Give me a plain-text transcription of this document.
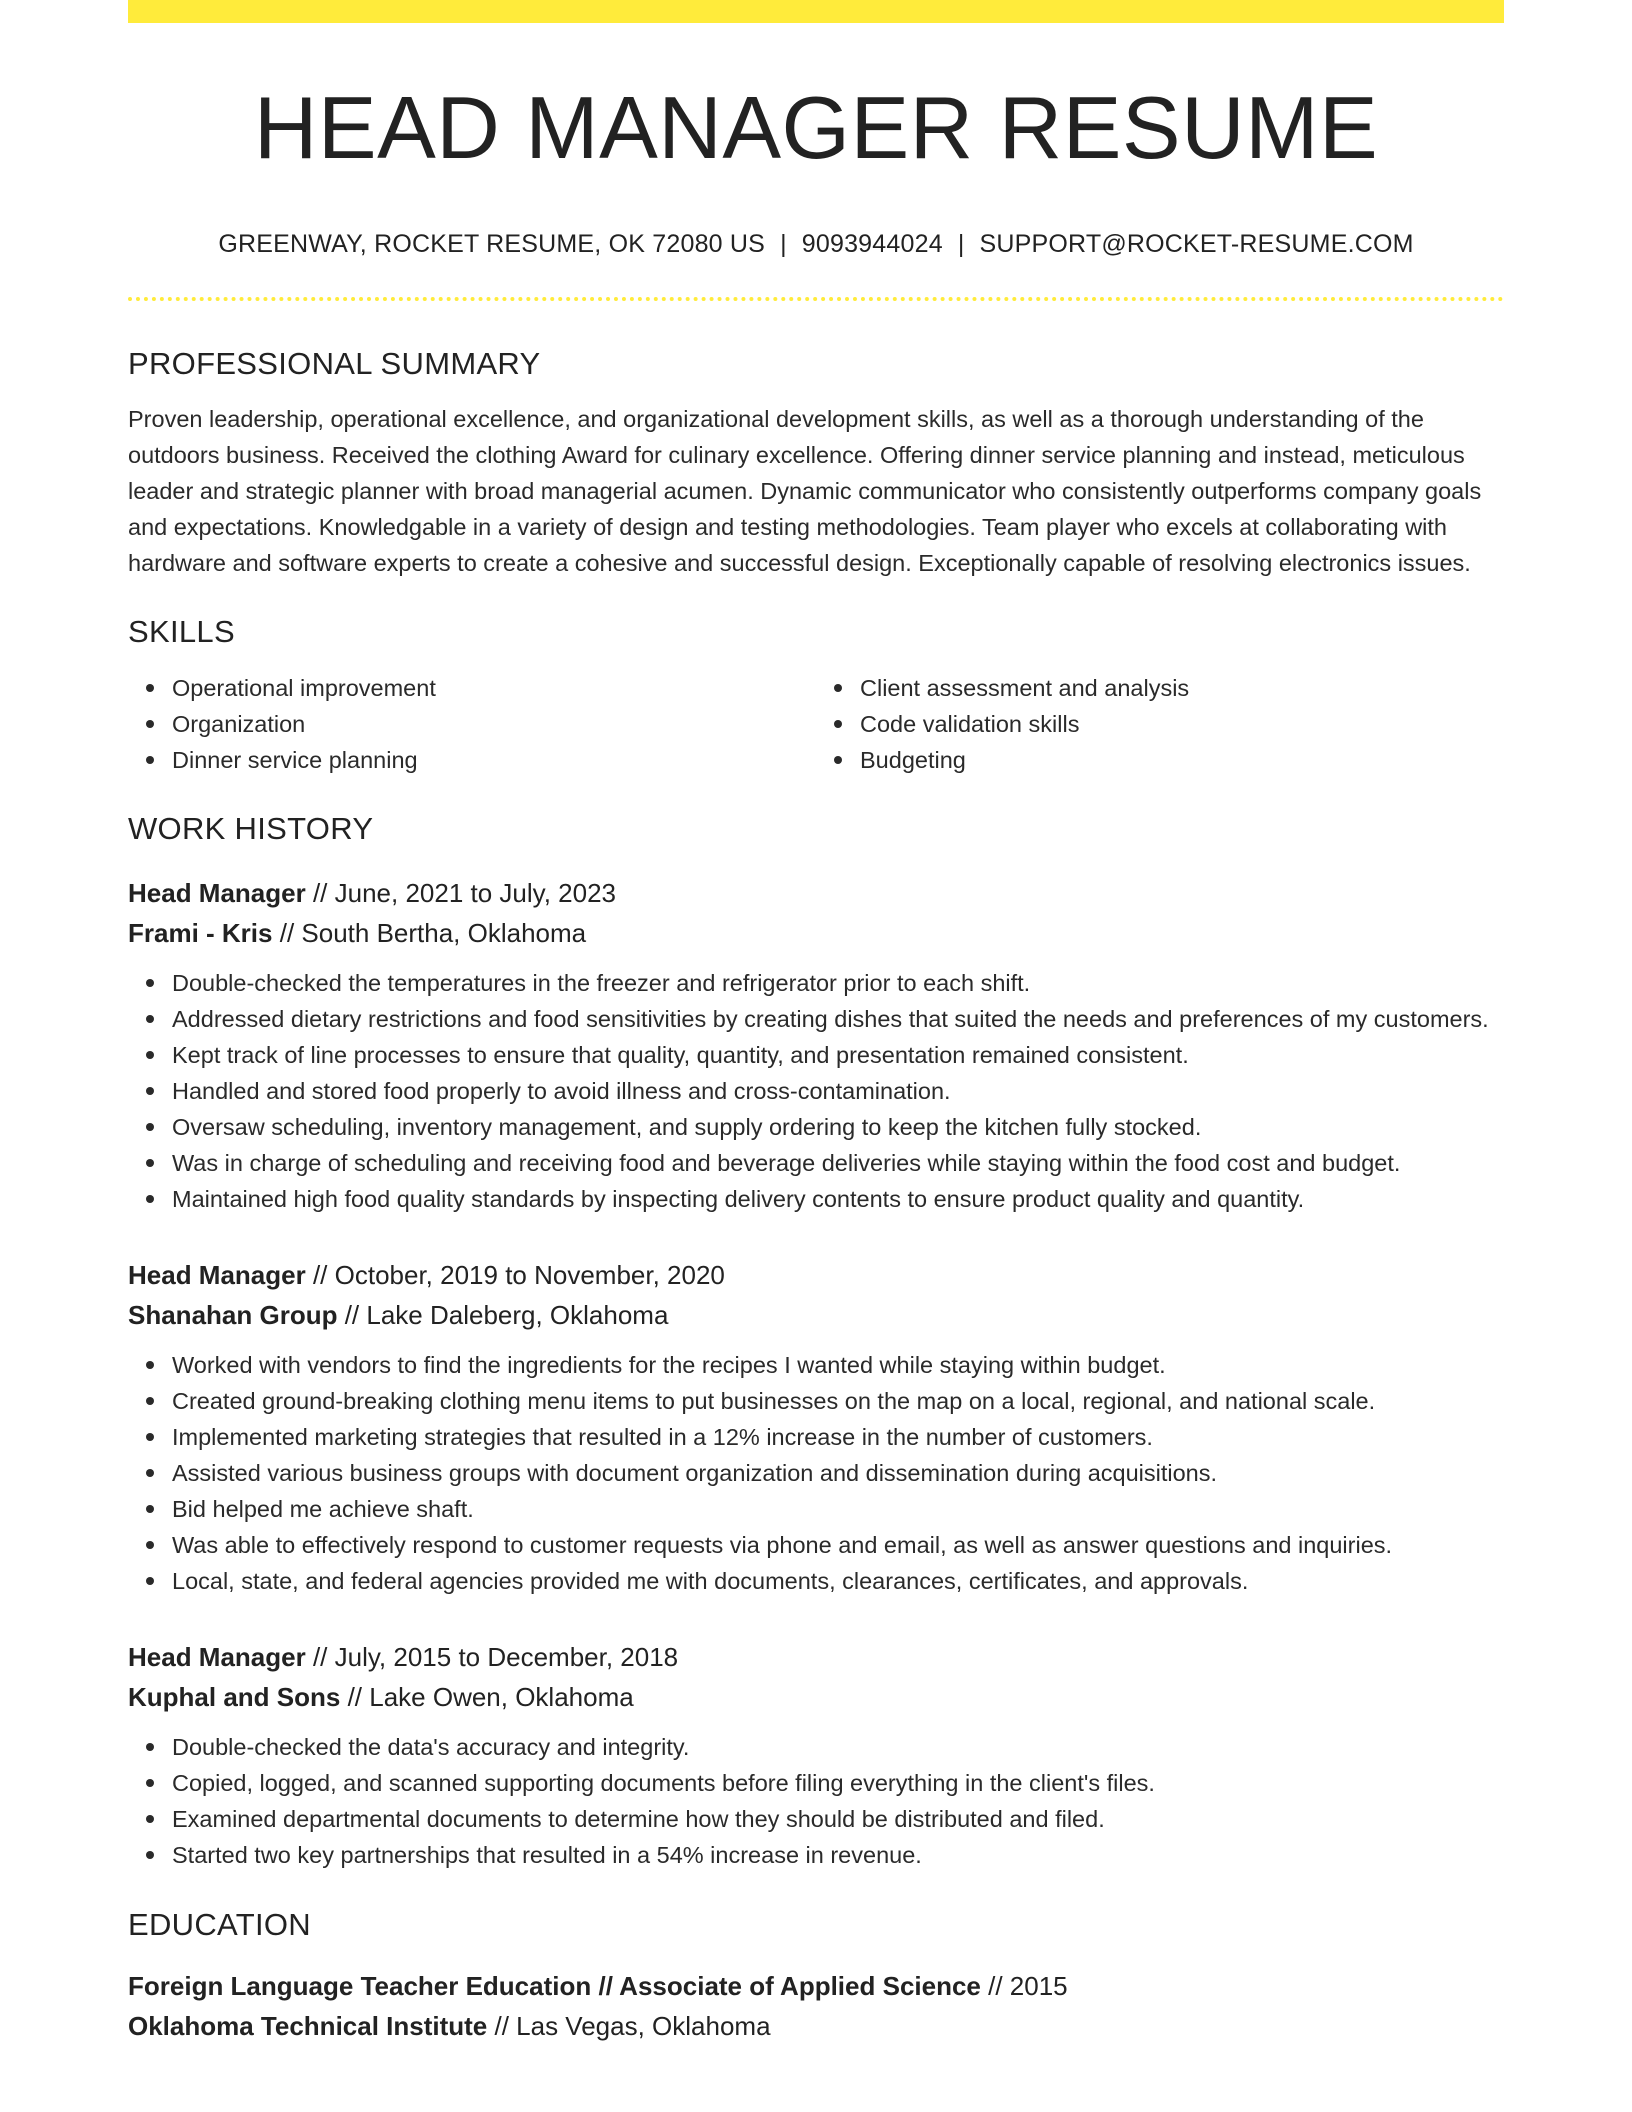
HEAD MANAGER RESUME
GREENWAY, ROCKET RESUME, OK 72080 US | 9093944024 | SUPPORT@ROCKET-RESUME.COM
PROFESSIONAL SUMMARY
Proven leadership, operational excellence, and organizational development skills, as well as a thorough understanding of the outdoors business. Received the clothing Award for culinary excellence. Offering dinner service planning and instead, meticulous leader and strategic planner with broad managerial acumen. Dynamic communicator who consistently outperforms company goals and expectations. Knowledgable in a variety of design and testing methodologies. Team player who excels at collaborating with hardware and software experts to create a cohesive and successful design. Exceptionally capable of resolving electronics issues.
SKILLS
Operational improvement
Organization
Dinner service planning
Client assessment and analysis
Code validation skills
Budgeting
WORK HISTORY
Head Manager // June, 2021 to July, 2023
Frami - Kris // South Bertha, Oklahoma
Double-checked the temperatures in the freezer and refrigerator prior to each shift.
Addressed dietary restrictions and food sensitivities by creating dishes that suited the needs and preferences of my customers.
Kept track of line processes to ensure that quality, quantity, and presentation remained consistent.
Handled and stored food properly to avoid illness and cross-contamination.
Oversaw scheduling, inventory management, and supply ordering to keep the kitchen fully stocked.
Was in charge of scheduling and receiving food and beverage deliveries while staying within the food cost and budget.
Maintained high food quality standards by inspecting delivery contents to ensure product quality and quantity.
Head Manager // October, 2019 to November, 2020
Shanahan Group // Lake Daleberg, Oklahoma
Worked with vendors to find the ingredients for the recipes I wanted while staying within budget.
Created ground-breaking clothing menu items to put businesses on the map on a local, regional, and national scale.
Implemented marketing strategies that resulted in a 12% increase in the number of customers.
Assisted various business groups with document organization and dissemination during acquisitions.
Bid helped me achieve shaft.
Was able to effectively respond to customer requests via phone and email, as well as answer questions and inquiries.
Local, state, and federal agencies provided me with documents, clearances, certificates, and approvals.
Head Manager // July, 2015 to December, 2018
Kuphal and Sons // Lake Owen, Oklahoma
Double-checked the data's accuracy and integrity.
Copied, logged, and scanned supporting documents before filing everything in the client's files.
Examined departmental documents to determine how they should be distributed and filed.
Started two key partnerships that resulted in a 54% increase in revenue.
EDUCATION
Foreign Language Teacher Education // Associate of Applied Science // 2015
Oklahoma Technical Institute // Las Vegas, Oklahoma
